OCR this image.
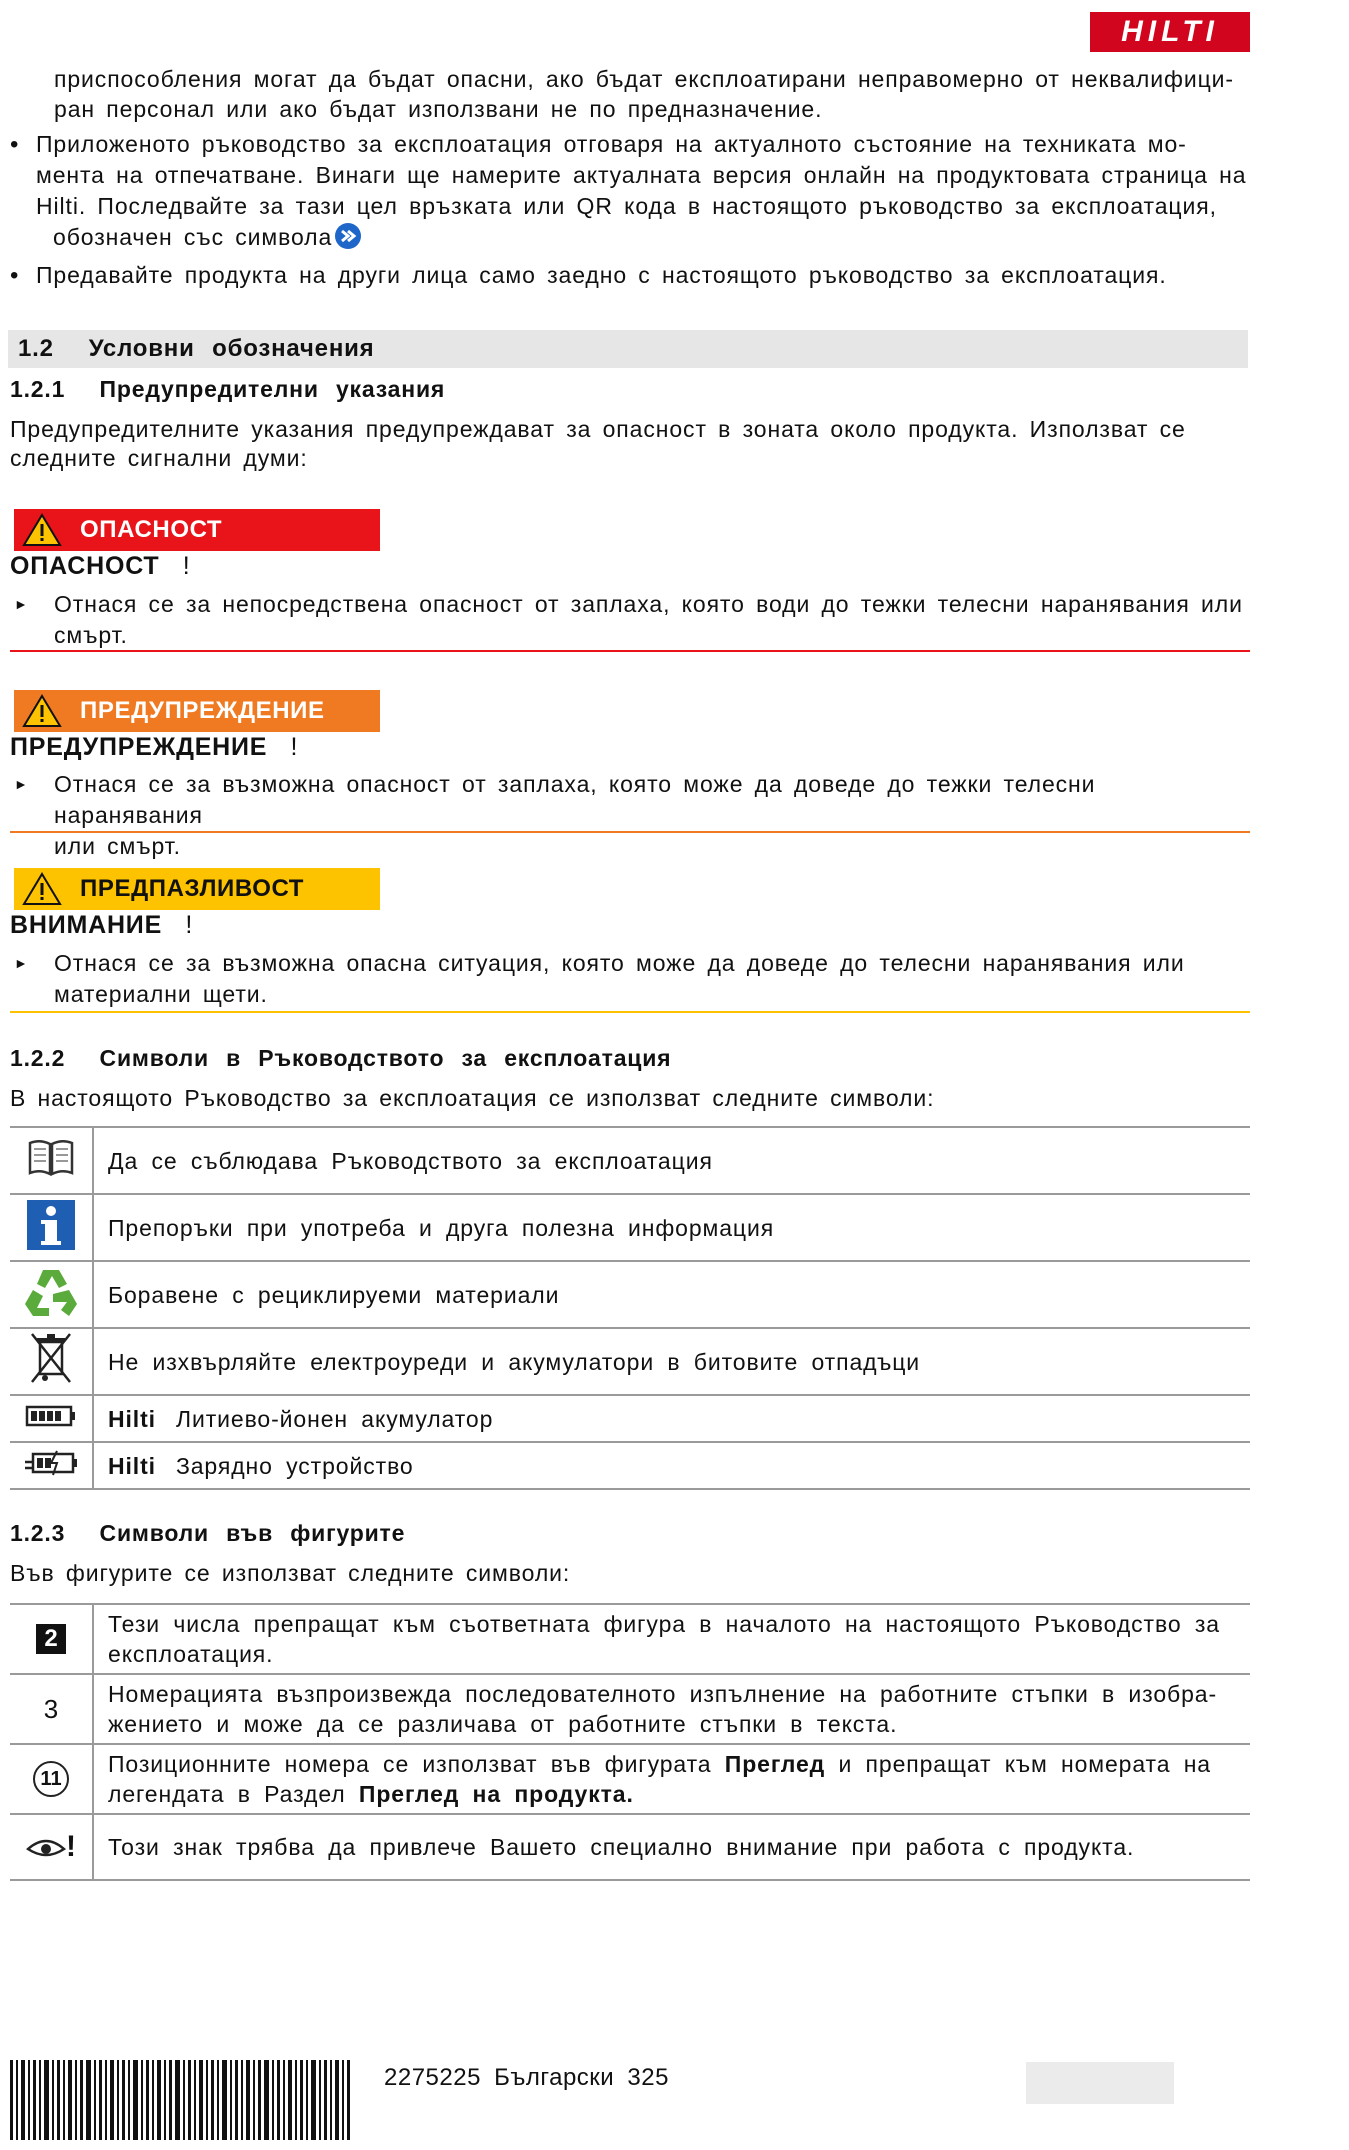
HILTI
приспособления могат да бъдат опасни, ако бъдат експлоатирани неправомерно от неквалифици-
ран персонал или ако бъдат използвани не по предназначение.
• Приложеното ръководство за експлоатация отговаря на актуалното състояние на техниката мо-
мента на отпечатване. Винаги ще намерите актуалната версия онлайн на продуктовата страница на
Hilti. Последвайте за тази цел връзката или QR кода в настоящото ръководство за експлоатация,
обозначен със символа
• Предавайте продукта на други лица само заедно с настоящото ръководство за експлоатация.
1.2 Условни обозначения
1.2.1 Предупредителни указания
Предупредителните указания предупреждават за опасност в зоната около продукта. Използват се
следните сигнални думи:
ОПАСНОСТ
ОПАСНОСТ !
► Отнася се за непосредствена опасност от заплаха, която води до тежки телесни наранявания или
смърт.
ПРЕДУПРЕЖДЕНИЕ
ПРЕДУПРЕЖДЕНИЕ !
► Отнася се за възможна опасност от заплаха, която може да доведе до тежки телесни наранявания
или смърт.
ПРЕДПАЗЛИВОСТ
ВНИМАНИЕ !
► Отнася се за възможна опасна ситуация, която може да доведе до телесни наранявания или
материални щети.
1.2.2 Символи в Ръководството за експлоатация
В настоящото Ръководство за експлоатация се използват следните символи:
	Да се съблюдава Ръководството за експлоатация
	Препоръки при употреба и друга полезна информация
	Боравене с рециклируеми материали
	Не изхвърляйте електроуреди и акумулатори в битовите отпадъци
	Hilti Литиево-йонен акумулатор
	Hilti Зарядно устройство
1.2.3 Символи във фигурите
Във фигурите се използват следните символи:
2	Тези числа препращат към съответната фигура в началото на настоящото Ръководство за
експлоатация.

3	Номерацията възпроизвежда последователното изпълнение на работните стъпки в изобра-
жението и може да се различава от работните стъпки в текста.

11	Позиционните номера се използват във фигурата Преглед и препращат към номерата на
легендата в Раздел Преглед на продукта.

!	Този знак трябва да привлече Вашето специално внимание при работа с продукта.
2275225 Български 325
